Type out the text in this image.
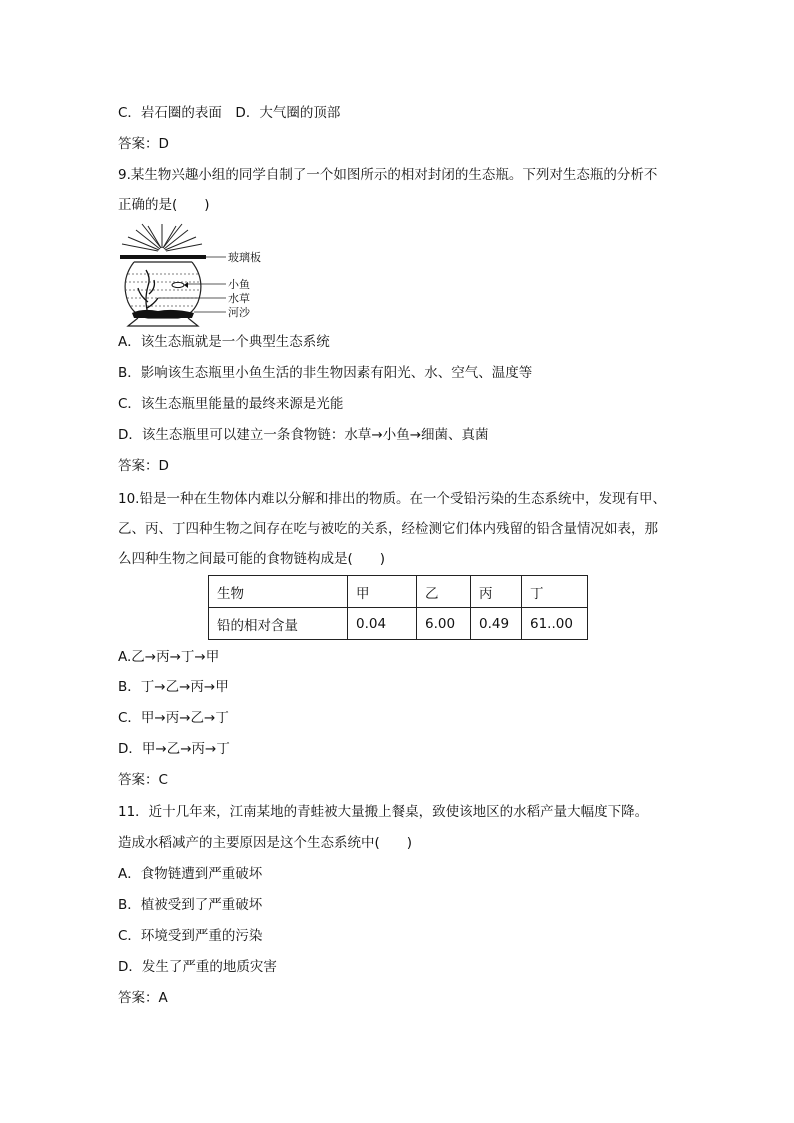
C．岩石圈的表面　D．大气圈的顶部
答案：D
9.某生物兴趣小组的同学自制了一个如图所示的相对封闭的生态瓶。下列对生态瓶的分析不
正确的是(　　)
玻璃板
小鱼
水草
河沙
A．该生态瓶就是一个典型生态系统
B．影响该生态瓶里小鱼生活的非生物因素有阳光、水、空气、温度等
C．该生态瓶里能量的最终来源是光能
D．该生态瓶里可以建立一条食物链：水草→小鱼→细菌、真菌
答案：D
10.铅是一种在生物体内难以分解和排出的物质。在一个受铅污染的生态系统中，发现有甲、
乙、丙、丁四种生物之间存在吃与被吃的关系，经检测它们体内残留的铅含量情况如表，那
么四种生物之间最可能的食物链构成是(　　)
生物	甲	乙	丙	丁
铅的相对含量	0.04	6.00	0.49	61..00
A.乙→丙→丁→甲
B．丁→乙→丙→甲
C．甲→丙→乙→丁
D．甲→乙→丙→丁
答案：C
11．近十几年来，江南某地的青蛙被大量搬上餐桌，致使该地区的水稻产量大幅度下降。
造成水稻减产的主要原因是这个生态系统中(　　)
A．食物链遭到严重破坏
B．植被受到了严重破坏
C．环境受到严重的污染
D．发生了严重的地质灾害
答案：A
